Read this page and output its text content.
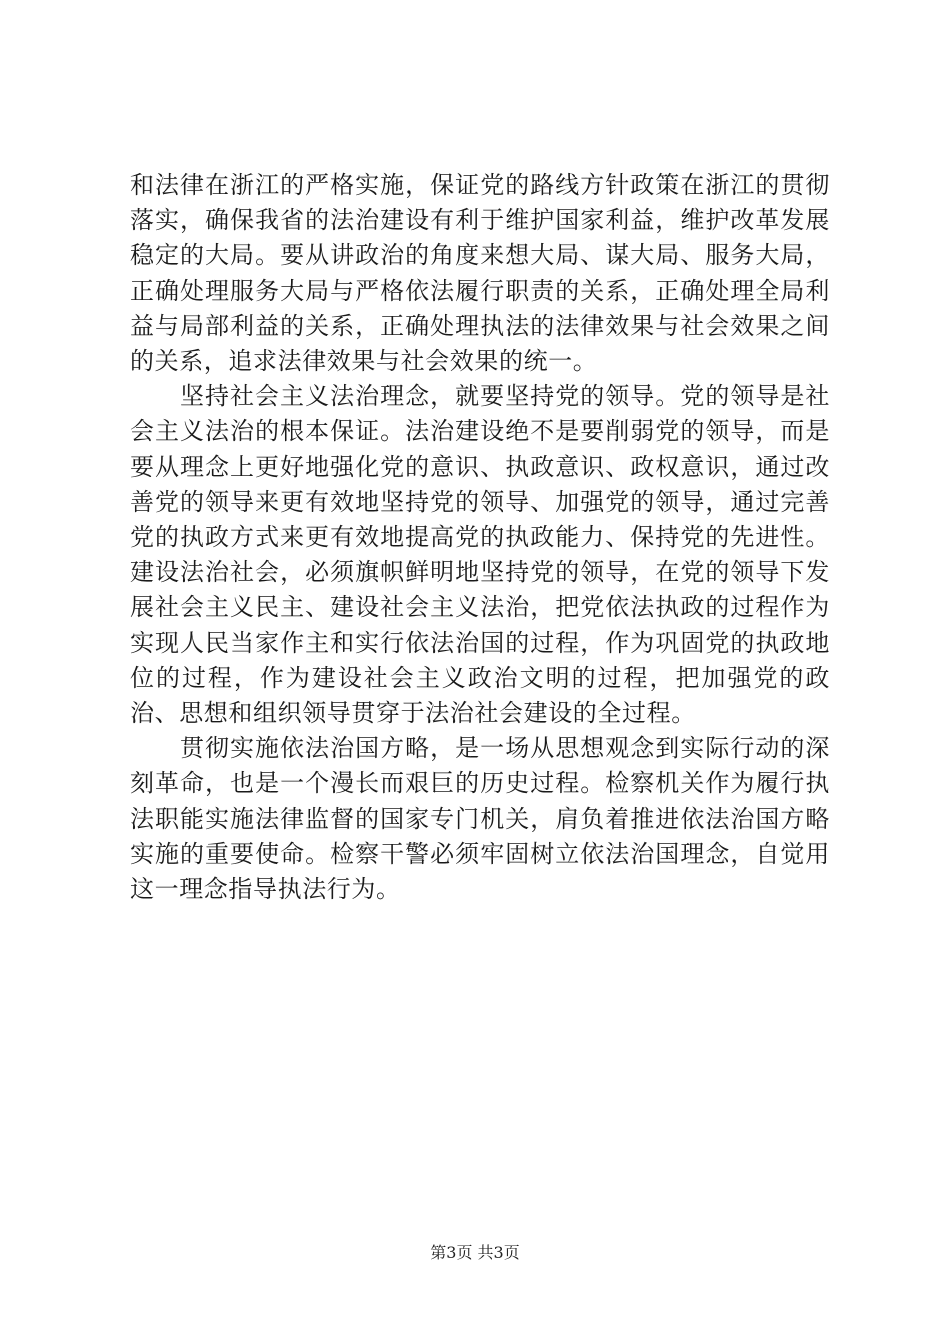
和法律在浙江的严格实施，保证党的路线方针政策在浙江的贯彻落实，确保我省的法治建设有利于维护国家利益，维护改革发展稳定的大局。要从讲政治的角度来想大局、谋大局、服务大局，正确处理服务大局与严格依法履行职责的关系，正确处理全局利益与局部利益的关系，正确处理执法的法律效果与社会效果之间的关系，追求法律效果与社会效果的统一。

坚持社会主义法治理念，就要坚持党的领导。党的领导是社会主义法治的根本保证。法治建设绝不是要削弱党的领导，而是要从理念上更好地强化党的意识、执政意识、政权意识，通过改善党的领导来更有效地坚持党的领导、加强党的领导，通过完善党的执政方式来更有效地提高党的执政能力、保持党的先进性。建设法治社会，必须旗帜鲜明地坚持党的领导，在党的领导下发展社会主义民主、建设社会主义法治，把党依法执政的过程作为实现人民当家作主和实行依法治国的过程，作为巩固党的执政地位的过程，作为建设社会主义政治文明的过程，把加强党的政治、思想和组织领导贯穿于法治社会建设的全过程。

贯彻实施依法治国方略，是一场从思想观念到实际行动的深刻革命，也是一个漫长而艰巨的历史过程。检察机关作为履行执法职能实施法律监督的国家专门机关，肩负着推进依法治国方略实施的重要使命。检察干警必须牢固树立依法治国理念，自觉用这一理念指导执法行为。

第3页 共3页
